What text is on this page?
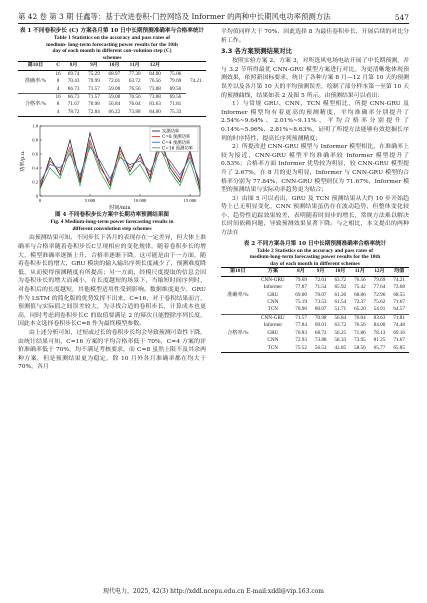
第 42 卷 第 3 期 任鑫等：基于改进卷积-门控网络及 Informer 的两种中长期风电功率预测方法	547
表 1 不同卷积步长 (C) 方案各月第 10 日中长期预测准确率与合格率统计
Table 1 Statistics on the accuracy and pass rates of
medium- long-term forecasting power results for the 10th
day of each month in different con-volution step (C)
schemes
第10日	C	8月	9月	10月	11月	12月		
准确率/%	16	69.74	75.29	68.97	77.30	84.00	75.06	
	8	70.43	79.99	72.01	63.72	76.56	79.69	74.21
	4	66.73	71.57	59.08	76.56	73.88	69.56	
合格率/%	16	66.73	71.57	59.08	76.56	73.88	69.56	
	8	71.67	70.98	56.84	76.04	83.63	71.81	
	4	78.72	72.84	66.22	73.88	84.00	75.33	
0
0.2
0.4
0.6
0.8
1.0
0	5 000	10 000	15 000
时间/min
功率/p.u.
实测功率
C=8 预测功率
C=4 预测功率
C=16 预测功率
图 4 不同卷积步长方案中长期功率预测结果图
Fig. 4 Medium-long-term power forecasting results in
different convolution step schemes

由预测结果可知，不同步长下各月的表现存在一定差异，但大体上准确率与合格率随着卷积步长C呈现相应的变化规律，随着卷积步长的增大，模型准确率逐渐上升，合格率逐渐下降。这可能是由于一方面，随着卷积步长的增大，GRU 模块的输入输出序列长度减少了，预测难度降低，从而使得预测精度有所提高；另一方面，经模尺度提取的信息会因为卷积步长的增大而减小，在长度越短的场景下，当缩短时间序列时，对卷积后的长度越短，其他模型适用性受到影响。数据维度更少，GRU 作为 LSTM 的简化版的优势发挥不出来，C=16，对于卷积结果而言，预测值与实际值之间误差较大，为寻找合适的卷积步长，计算成本也更高，同时考虑到卷积步长C 的取值要满足 2 的幂次且能整除序列长度，因此本文选择卷积步长C=8 作为最终模型参数。

由上述分析可知，过短或过长的卷积步长均会导致预测可靠性下降，由统计结果可知，C=16 方案的平均合格率低于 70%，C=4 方案的评价准确率低于 70%，均不满足考核要求，而 C=8 虽然上限不及其余两种方案，但是预测结果更为稳定，除 10 月外各月准确率都在均大于 70%，各月

平均值同样大于 70%，因此选择 8 为最佳卷积步长，开展后续的对比分析工作。

3.3 各方案预测结果对比

按照实验方案 2、方案 3，对所选风电场电站开展了中长期预测，并与 3.2 节所得最优 CNN-GRU 模型方案进行对比。为更清晰地体现预测效果，依照新国标要求，统计了各种方案 8 月—12 月第 10 天的预测误差以及各月第 10 天的平均预测误差，绘制了部分样本第一至第 10 天的预测曲线，结果如表 2 及图 5 所示。由预测结果可以看出：

1）与常规 GRU、CNN、TCN 模型相比，所提 CNN-GRU 及 Informer 模型均有着更高的预测精度，平均准确率分别提升了 2.54%~9.64%、2.01%~9.11%，平均合格率分别提升了 0.14%~5.96%、2.81%~8.63%，证明了所提方法能够有效挖掘长序列的时序特性，提高长序列预测精度；

2）所提改进 CNN-GRU 模型与 Informer 模型相比，在准确率上较为接近，CNN-GRU 模型平均准确率较 Informer 模型提升了 0.53%；合格率方面 Informer 优势较为明显，较 CNN-GRU 模型提升了 2.67%，在 8 月的更为明显，Informer 与 CNN-GRU 模型的合格率分别为 77.84%，CNN-GRU 模型则仅为 71.67%，Informer 模型的预测结果与实际功率趋势更为贴合；

3）由图 5 可以看出，GRU 及 TCN 预测结果从大约 10 步开始趋势上已无明显变化，CNN 预测结果虽仍存在波动趋势，但整体变化较小，趋势性追踪效果较差，表明随着时间步的增长，常规方法难以解决长时间依赖问题，导致预测效果显著下降。与之相比，本文提出的两种方法在

表 2 不同方案各月第 10 日中长期预测准确率合格率统计
Table 2 Statistics on the accuracy and pass rates of
medium-long-term forecasting power results for the 10th
day of each month in different schemes
第10日	方案	8月	9月	10月	11月	12月	均值
准确率/%	CNN-GRU	79.69	72.01	63.72	76.56	79.69	74.21
	Informer	77.87	71.54	65.92	75.42	77.64	73.68
	GRU	69.00	70.07	61.26	68.86	72.96	68.55
	CNN	75.19	73.53	61.54	72.37	75.62	71.67
	TCN	70.96	80.07	51.71	65.20	54.91	64.57
合格率/%	CNN-GRU	71.57	70.98	56.84	76.04	83.63	71.81
	Informer	77.84	69.01	63.72	76.56	84.00	74.48
	GRU	70.83	68.73	56.25	71.86	78.13	69.16
	CNN	72.93	73.88	58.33	73.95	81.25	71.67
	TCN	75.52	56.53	42.85	58.56	65.77	65.85
现代电力，2025, 42(3) http://xddl.ncepu.edu.cn E-mail:xddl@vip.163.com
